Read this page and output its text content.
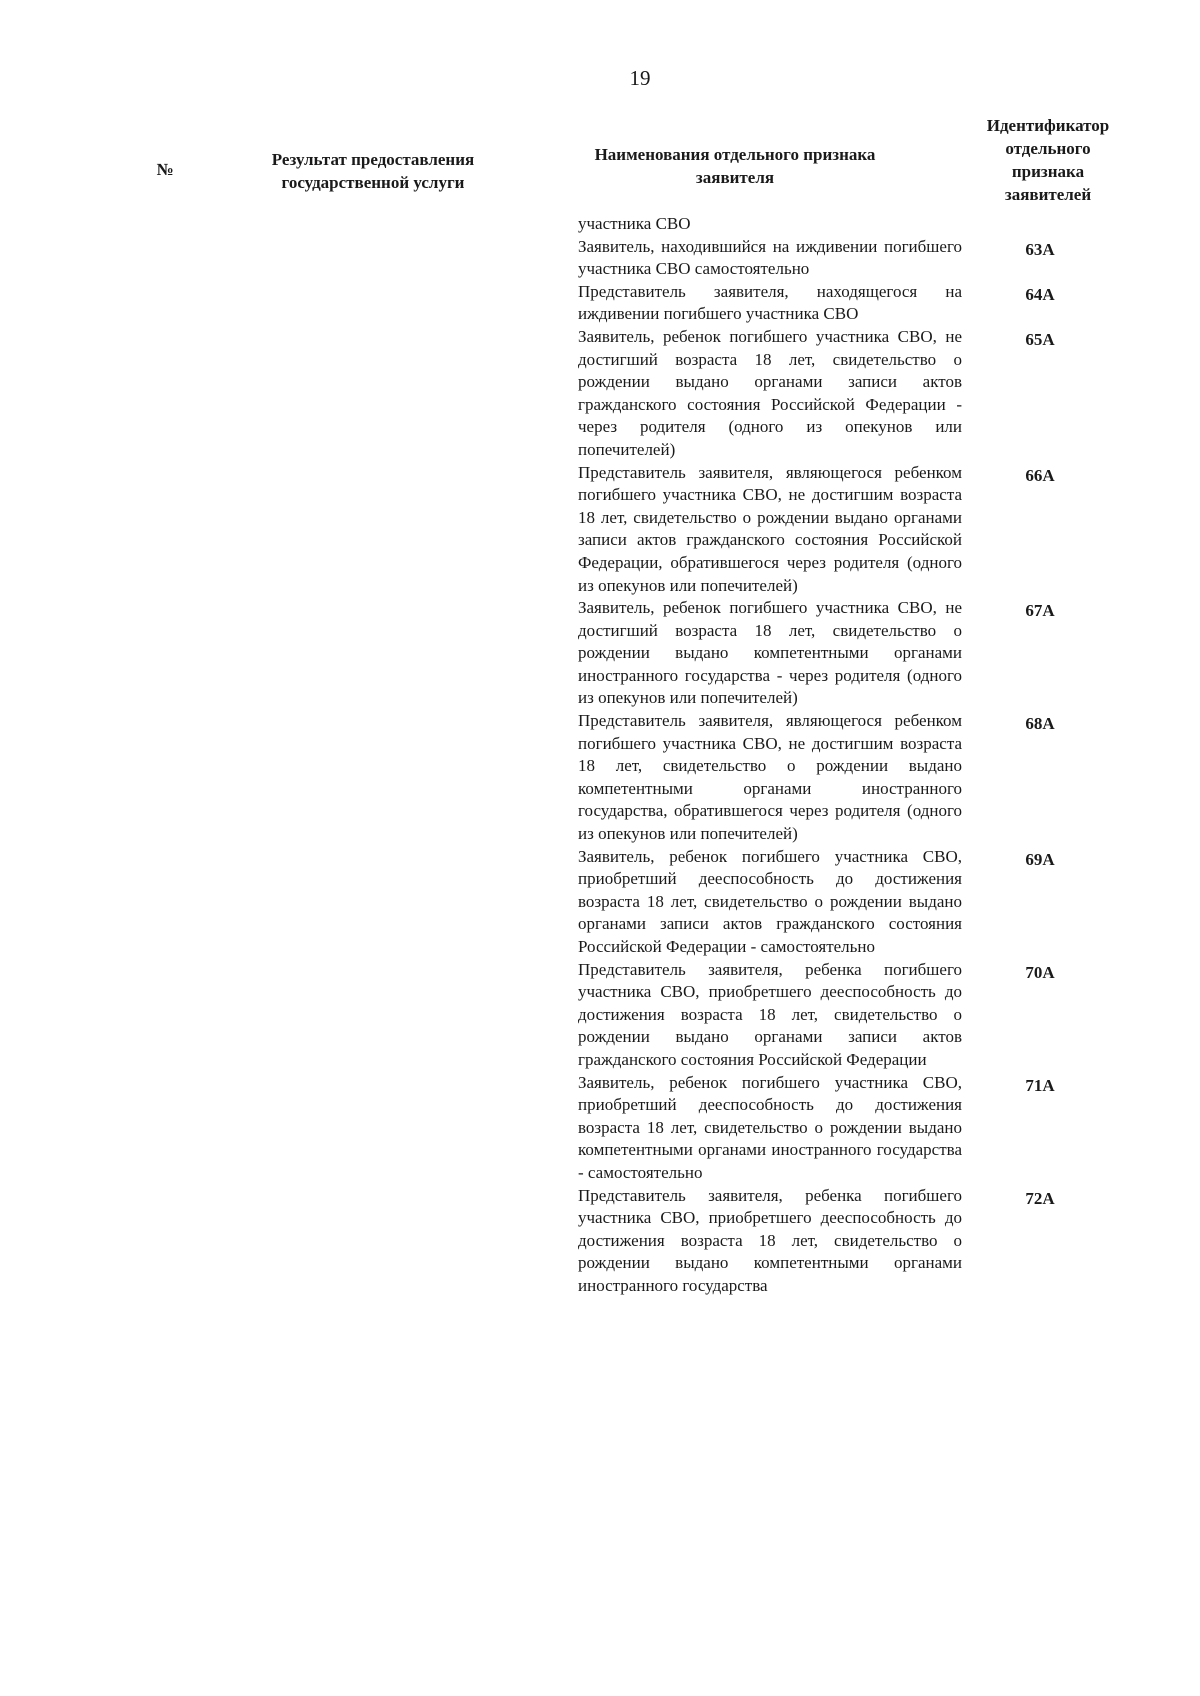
19
№
Результат предоставления государственной услуги
Наименования отдельного признака заявителя
Идентификатор отдельного признака заявителей
участника СВО
Заявитель, находившийся на иждивении погибшего участника СВО самостоятельно
63А
Представитель заявителя, находящегося на иждивении погибшего участника СВО
64А
Заявитель, ребенок погибшего участника СВО, не достигший возраста 18 лет, свидетельство о рождении выдано органами записи актов гражданского состояния Российской Федерации - через родителя (одного из опекунов или попечителей)
65А
Представитель заявителя, являющегося ребенком погибшего участника СВО, не достигшим возраста 18 лет, свидетельство о рождении выдано органами записи актов гражданского состояния Российской Федерации, обратившегося через родителя (одного из опекунов или попечителей)
66А
Заявитель, ребенок погибшего участника СВО, не достигший возраста 18 лет, свидетельство о рождении выдано компетентными органами иностранного государства - через родителя (одного из опекунов или попечителей)
67А
Представитель заявителя, являющегося ребенком погибшего участника СВО, не достигшим возраста 18 лет, свидетельство о рождении выдано компетентными органами иностранного государства, обратившегося через родителя (одного из опекунов или попечителей)
68А
Заявитель, ребенок погибшего участника СВО, приобретший дееспособность до достижения возраста 18 лет, свидетельство о рождении выдано органами записи актов гражданского состояния Российской Федерации - самостоятельно
69А
Представитель заявителя, ребенка погибшего участника СВО, приобретшего дееспособность до достижения возраста 18 лет, свидетельство о рождении выдано органами записи актов гражданского состояния Российской Федерации
70А
Заявитель, ребенок погибшего участника СВО, приобретший дееспособность до достижения возраста 18 лет, свидетельство о рождении выдано компетентными органами иностранного государства - самостоятельно
71А
Представитель заявителя, ребенка погибшего участника СВО, приобретшего дееспособность до достижения возраста 18 лет, свидетельство о рождении выдано компетентными органами иностранного государства
72А
